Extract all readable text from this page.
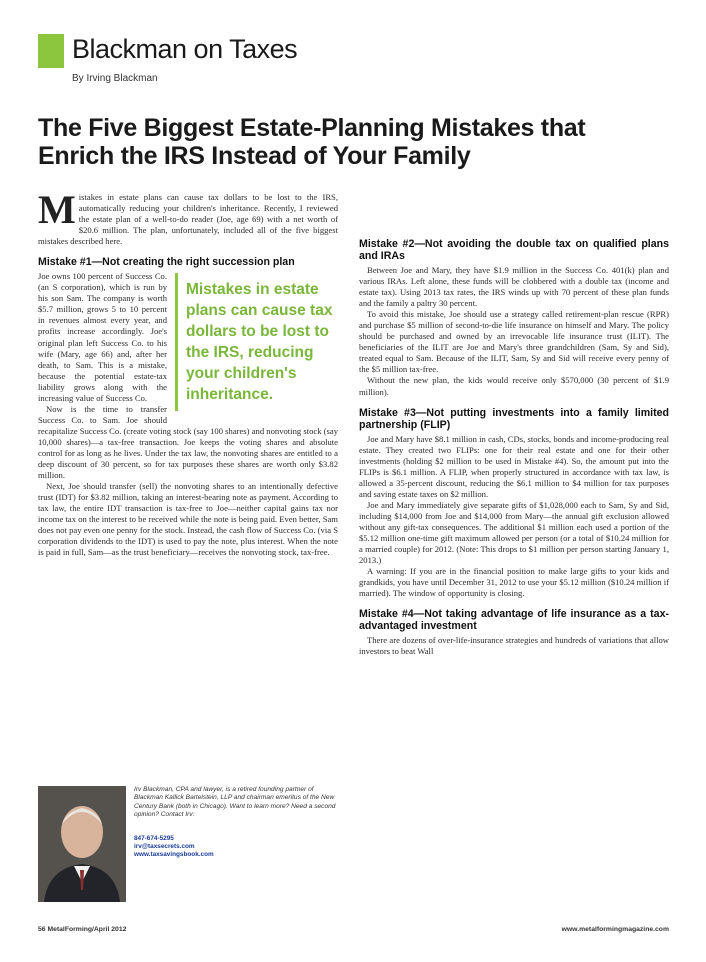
Blackman on Taxes
By Irving Blackman
The Five Biggest Estate-Planning Mistakes that Enrich the IRS Instead of Your Family

Mistakes in estate plans can cause tax dollars to be lost to the IRS, automatically reducing your children's inheritance. Recently, I reviewed the estate plan of a well-to-do reader (Joe, age 69) with a net worth of $20.6 million. The plan, unfortunately, included all of the five biggest mistakes described here.

Mistake #1—Not creating the right succession plan

Mistakes in estate plans can cause tax dollars to be lost to the IRS, reducing your children's inheritance.
Joe owns 100 percent of Success Co. (an S corporation), which is run by his son Sam. The company is worth $5.7 million, grows 5 to 10 percent in revenues almost every year, and profits increase accordingly. Joe's original plan left Success Co. to his wife (Mary, age 66) and, after her death, to Sam. This is a mistake, because the potential estate-tax liability grows along with the increasing value of Success Co.

Now is the time to transfer Success Co. to Sam. Joe should recapitalize Success Co. (create voting stock (say 100 shares) and nonvoting stock (say 10,000 shares)—a tax-free transaction. Joe keeps the voting shares and absolute control for as long as he lives. Under the tax law, the nonvoting shares are entitled to a deep discount of 30 percent, so for tax purposes these shares are worth only $3.82 million.

Next, Joe should transfer (sell) the nonvoting shares to an intentionally defective trust (IDT) for $3.82 million, taking an interest-bearing note as payment. According to tax law, the entire IDT transaction is tax-free to Joe—neither capital gains tax nor income tax on the interest to be received while the note is being paid. Even better, Sam does not pay even one penny for the stock. Instead, the cash flow of Success Co. (via S corporation dividends to the IDT) is used to pay the note, plus interest. When the note is paid in full, Sam—as the trust beneficiary—receives the nonvoting stock, tax-free.

Irv Blackman, CPA and lawyer, is a retired founding partner of Blackman Kallick Bartelstein, LLP and chairman emeritus of the New Century Bank (both in Chicago). Want to learn more? Need a second opinion? Contact Irv:
847-674-5295
irv@taxsecrets.com
www.taxsavingsbook.com
Mistake #2—Not avoiding the double tax on qualified plans and IRAs

Between Joe and Mary, they have $1.9 million in the Success Co. 401(k) plan and various IRAs. Left alone, these funds will be clobbered with a double tax (income and estate tax). Using 2013 tax rates, the IRS winds up with 70 percent of these plan funds and the family a paltry 30 percent.

To avoid this mistake, Joe should use a strategy called retirement-plan rescue (RPR) and purchase $5 million of second-to-die life insurance on himself and Mary. The policy should be purchased and owned by an irrevocable life insurance trust (ILIT). The beneficiaries of the ILIT are Joe and Mary's three grandchildren (Sam, Sy and Sid), treated equal to Sam. Because of the ILIT, Sam, Sy and Sid will receive every penny of the $5 million tax-free.

Without the new plan, the kids would receive only $570,000 (30 percent of $1.9 million).

Mistake #3—Not putting investments into a family limited partnership (FLIP)

Joe and Mary have $8.1 million in cash, CDs, stocks, bonds and income-producing real estate. They created two FLIPs: one for their real estate and one for their other investments (holding $2 million to be used in Mistake #4). So, the amount put into the FLIPs is $6.1 million. A FLIP, when properly structured in accordance with tax law, is allowed a 35-percent discount, reducing the $6.1 million to $4 million for tax purposes and saving estate taxes on $2 million.

Joe and Mary immediately give separate gifts of $1,028,000 each to Sam, Sy and Sid, including $14,000 from Joe and $14,000 from Mary—the annual gift exclusion allowed without any gift-tax consequences. The additional $1 million each used a portion of the $5.12 million one-time gift maximum allowed per person (or a total of $10.24 million for a married couple) for 2012. (Note: This drops to $1 million per person starting January 1, 2013.)

A warning: If you are in the financial position to make large gifts to your kids and grandkids, you have until December 31, 2012 to use your $5.12 million ($10.24 million if married). The window of opportunity is closing.

Mistake #4—Not taking advantage of life insurance as a tax-advantaged investment

There are dozens of over-life-insurance strategies and hundreds of variations that allow investors to beat Wall

56 MetalForming/April 2012	www.metalformingmagazine.com
